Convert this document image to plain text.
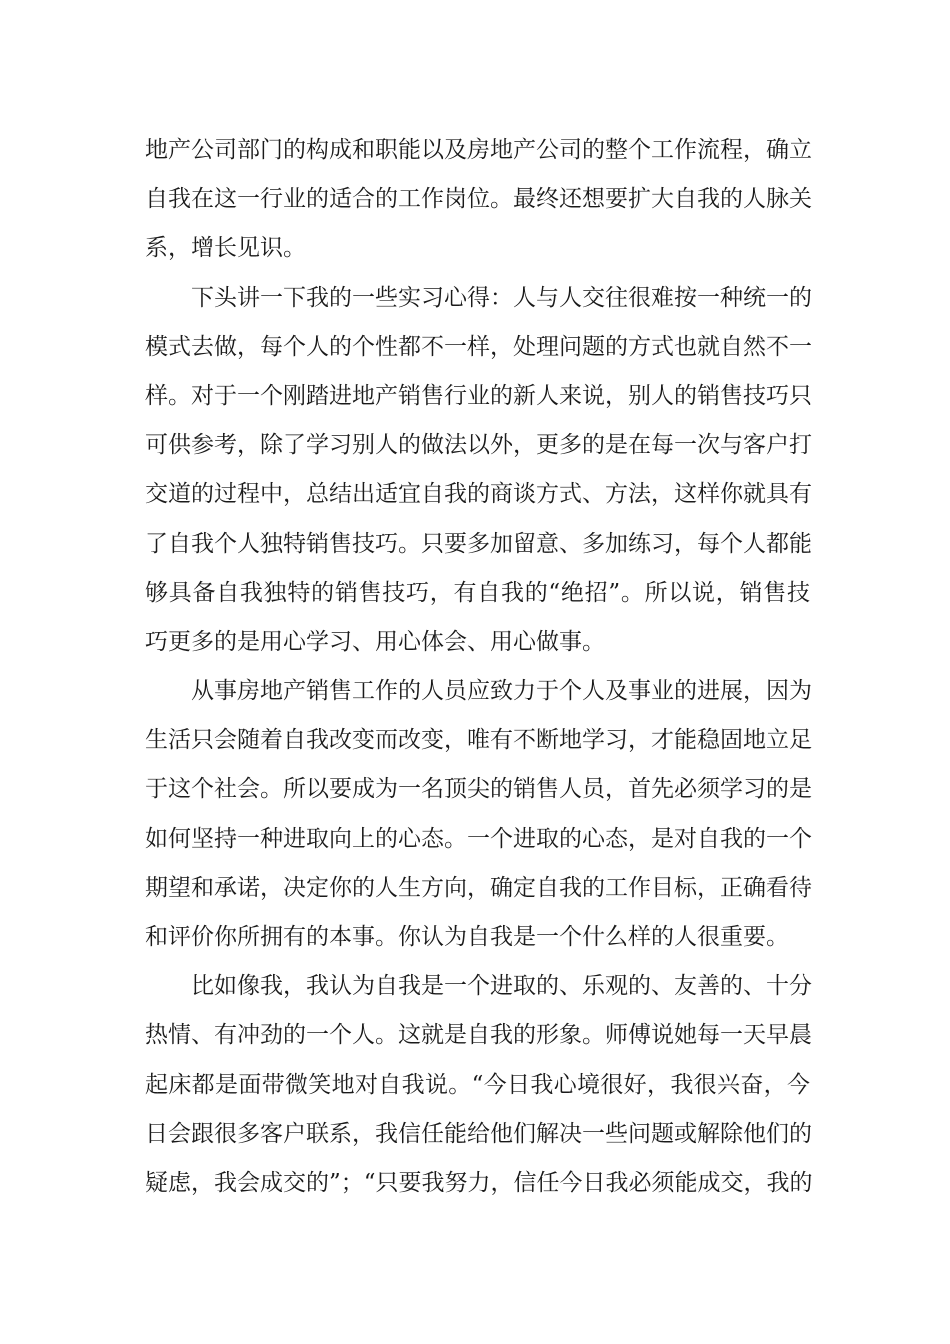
地产公司部门的构成和职能以及房地产公司的整个工作流程，确立
自我在这一行业的适合的工作岗位。最终还想要扩大自我的人脉关
系，增长见识。
下头讲一下我的一些实习心得：人与人交往很难按一种统一的
模式去做，每个人的个性都不一样，处理问题的方式也就自然不一
样。对于一个刚踏进地产销售行业的新人来说，别人的销售技巧只
可供参考，除了学习别人的做法以外，更多的是在每一次与客户打
交道的过程中，总结出适宜自我的商谈方式、方法，这样你就具有
了自我个人独特销售技巧。只要多加留意、多加练习，每个人都能
够具备自我独特的销售技巧，有自我的“绝招”。所以说，销售技
巧更多的是用心学习、用心体会、用心做事。
从事房地产销售工作的人员应致力于个人及事业的进展，因为
生活只会随着自我改变而改变，唯有不断地学习，才能稳固地立足
于这个社会。所以要成为一名顶尖的销售人员，首先必须学习的是
如何坚持一种进取向上的心态。一个进取的心态，是对自我的一个
期望和承诺，决定你的人生方向，确定自我的工作目标，正确看待
和评价你所拥有的本事。你认为自我是一个什么样的人很重要。
比如像我，我认为自我是一个进取的、乐观的、友善的、十分
热情、有冲劲的一个人。这就是自我的形象。师傅说她每一天早晨
起床都是面带微笑地对自我说。“今日我心境很好，我很兴奋，今
日会跟很多客户联系，我信任能给他们解决一些问题或解除他们的
疑虑，我会成交的”；“只要我努力，信任今日我必须能成交，我的
